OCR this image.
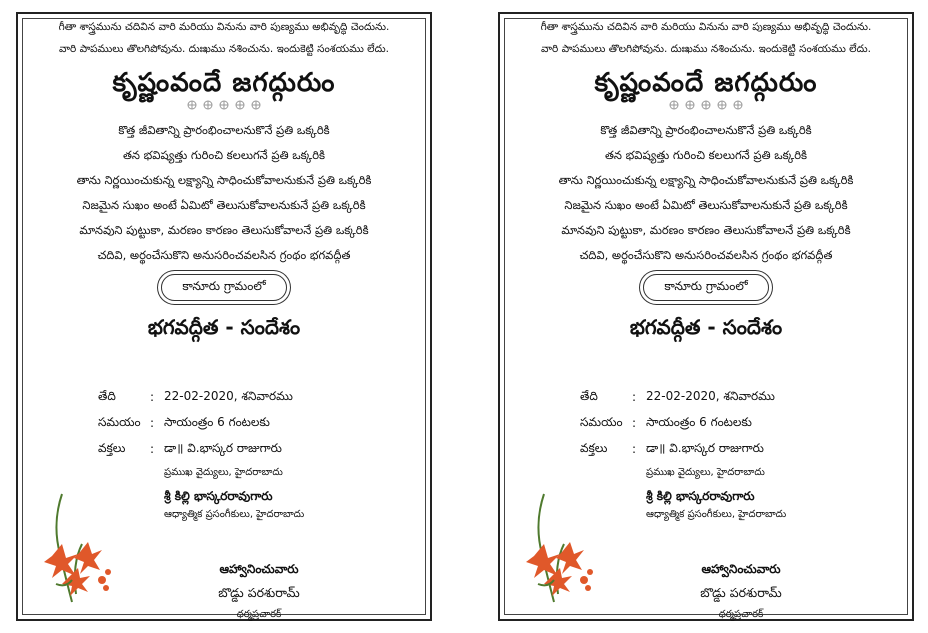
గీతా శాస్త్రమును చదివిన వారి మరియు వినును వారి పుణ్యము అభివృద్ధి చెందును.
వారి పాపములు తొలగిపోవును. దుఃఖము నశించును. ఇందుకెట్టి సంశయము లేదు.
కృష్ణంవందే జగద్గురుం
కొత్త జీవితాన్ని ప్రారంభించాలనుకొనే ప్రతి ఒక్కరికి
తన భవిష్యత్తు గురించి కలలుగనే ప్రతి ఒక్కరికి
తాను నిర్ణయించుకున్న లక్ష్యాన్ని సాధించుకోవాలనుకునే ప్రతి ఒక్కరికి
నిజమైన సుఖం అంటే ఏమిటో తెలుసుకోవాలనుకునే ప్రతి ఒక్కరికి
మానవుని పుట్టుకా, మరణం కారణం తెలుసుకోవాలనే ప్రతి ఒక్కరికి
చదివి, అర్థంచేసుకొని అనుసరించవలసిన గ్రంథం భగవద్గీత
కానూరు గ్రామంలో
భగవద్గీత - సందేశం
తేది	: 22-02-2020, శనివారము
సమయం : సాయంత్రం 6 గంటలకు
వక్తలు	: డా॥ వి.భాస్కర రాజుగారు
ప్రముఖ వైద్యులు, హైదరాబాదు
శ్రీ కిల్లి భాస్కరరావుగారు
ఆధ్యాత్మిక ప్రసంగీకులు, హైదరాబాదు
ఆహ్వానించువారు
బొడ్డు పరశురామ్
ధర్మప్రచారక్
గీతా శాస్త్రమును చదివిన వారి మరియు వినును వారి పుణ్యము అభివృద్ధి చెందును.
వారి పాపములు తొలగిపోవును. దుఃఖము నశించును. ఇందుకెట్టి సంశయము లేదు.
కృష్ణంవందే జగద్గురుం
కొత్త జీవితాన్ని ప్రారంభించాలనుకొనే ప్రతి ఒక్కరికి
తన భవిష్యత్తు గురించి కలలుగనే ప్రతి ఒక్కరికి
తాను నిర్ణయించుకున్న లక్ష్యాన్ని సాధించుకోవాలనుకునే ప్రతి ఒక్కరికి
నిజమైన సుఖం అంటే ఏమిటో తెలుసుకోవాలనుకునే ప్రతి ఒక్కరికి
మానవుని పుట్టుకా, మరణం కారణం తెలుసుకోవాలనే ప్రతి ఒక్కరికి
చదివి, అర్థంచేసుకొని అనుసరించవలసిన గ్రంథం భగవద్గీత
కానూరు గ్రామంలో
భగవద్గీత - సందేశం
తేది	: 22-02-2020, శనివారము
సమయం : సాయంత్రం 6 గంటలకు
వక్తలు	: డా॥ వి.భాస్కర రాజుగారు
ప్రముఖ వైద్యులు, హైదరాబాదు
శ్రీ కిల్లి భాస్కరరావుగారు
ఆధ్యాత్మిక ప్రసంగీకులు, హైదరాబాదు
ఆహ్వానించువారు
బొడ్డు పరశురామ్
ధర్మప్రచారక్
